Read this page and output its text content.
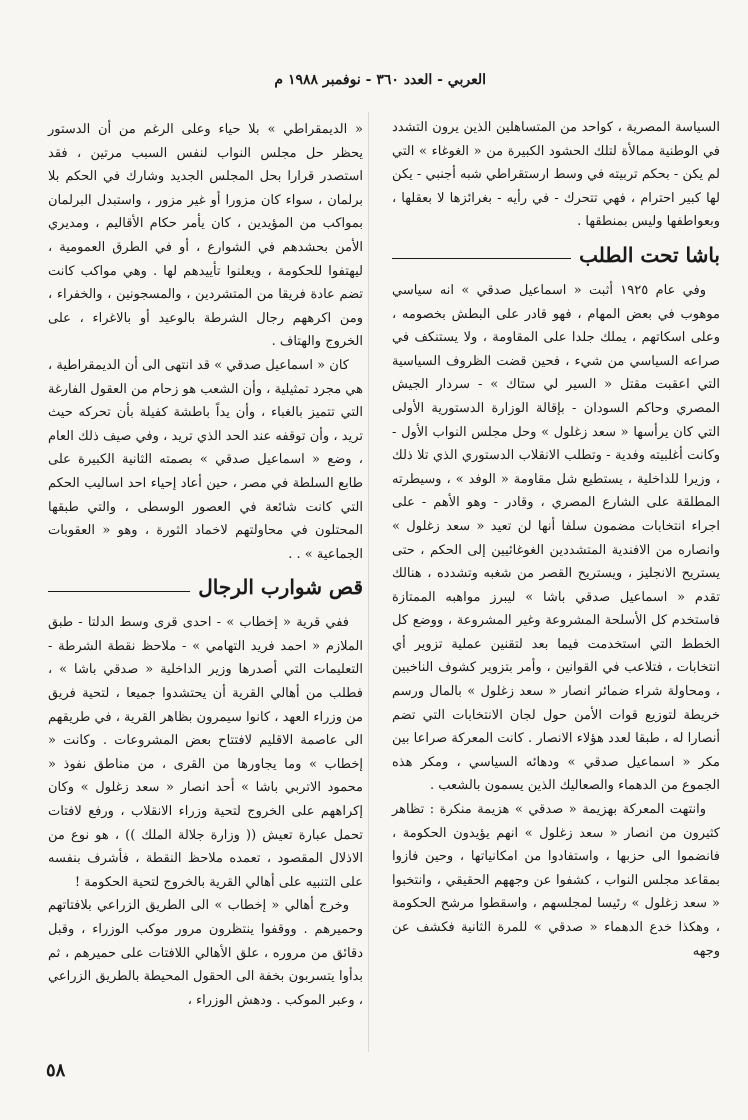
العربي - العدد ٣٦٠ - نوفمبر ١٩٨٨ م

السياسة المصرية ، كواحد من المتساهلين الذين يرون التشدد في الوطنية ممالأة لتلك الحشود الكبيرة من « الغوغاء » التي لم يكن - بحكم تربيته في وسط ارستقراطي شبه أجنبي - يكن لها كبير احترام ، فهي تتحرك - في رأيه - بغرائزها لا بعقلها ، وبعواطفها وليس بمنطقها .

باشا تحت الطلب

وفي عام ١٩٢٥ أثبت « اسماعيل صدقي » انه سياسي موهوب في بعض المهام ، فهو قادر على البطش بخصومه ، وعلى اسكاتهم ، يملك جلدا على المقاومة ، ولا يستنكف في صراعه السياسي من شيء ، فحين قضت الظروف السياسية التي اعقبت مقتل « السير لي ستاك » - سردار الجيش المصري وحاكم السودان - بإقالة الوزارة الدستورية الأولى التي كان يرأسها « سعد زغلول » وحل مجلس النواب الأول - وكانت أغلبيته وفدية - وتطلب الانقلاب الدستوري الذي تلا ذلك ، وزيرا للداخلية ، يستطيع شل مقاومة « الوفد » ، وسيطرته المطلقة على الشارع المصري ، وقادر - وهو الأهم - على اجراء انتخابات مضمون سلفا أنها لن تعيد « سعد زغلول » وانصاره من الافندية المتشددين الغوغائيين إلى الحكم ، حتى يستريح الانجليز ، ويستريح القصر من شغبه وتشدده ، هنالك تقدم « اسماعيل صدقي باشا » ليبرز مواهبه الممتازة فاستخدم كل الأسلحة المشروعة وغير المشروعة ، ووضع كل الخطط التي استخدمت فيما بعد لتقنين عملية تزوير أي انتخابات ، فتلاعب في القوانين ، وأمر بتزوير كشوف الناخبين ، ومحاولة شراء ضمائر انصار « سعد زغلول » بالمال ورسم خريطة لتوزيع قوات الأمن حول لجان الانتخابات التي تضم أنصارا له ، طبقا لعدد هؤلاء الانصار . كانت المعركة صراعا بين مكر « اسماعيل صدقي » ودهائه السياسي ، ومكر هذه الجموع من الدهماء والصعاليك الذين يسمون بالشعب .

وانتهت المعركة بهزيمة « صدقي » هزيمة منكرة : تظاهر كثيرون من انصار « سعد زغلول » انهم يؤيدون الحكومة ، فانضموا الى حزبها ، واستفادوا من امكانياتها ، وحين فازوا بمقاعد مجلس النواب ، كشفوا عن وجههم الحقيقي ، وانتخبوا « سعد زغلول » رئيسا لمجلسهم ، واسقطوا مرشح الحكومة ، وهكذا خدع الدهماء « صدقي » للمرة الثانية فكشف عن وجهه

« الديمقراطي » بلا حياء وعلى الرغم من أن الدستور يحظر حل مجلس النواب لنفس السبب مرتين ، فقد استصدر قرارا بحل المجلس الجديد وشارك في الحكم بلا برلمان ، سواء كان مزورا أو غير مزور ، واستبدل البرلمان بمواكب من المؤيدين ، كان يأمر حكام الأقاليم ، ومديري الأمن بحشدهم في الشوارع ، أو في الطرق العمومية ، ليهتفوا للحكومة ، ويعلنوا تأييدهم لها . وهي مواكب كانت تضم عادة فريقا من المتشردين ، والمسجونين ، والخفراء ، ومن اكرههم رجال الشرطة بالوعيد أو بالاغراء ، على الخروج والهتاف .

كان « اسماعيل صدقي » قد انتهى الى أن الديمقراطية ، هي مجرد تمثيلية ، وأن الشعب هو زحام من العقول الفارغة التي تتميز بالغباء ، وأن يداً باطشة كفيلة بأن تحركه حيث تريد ، وأن توقفه عند الحد الذي تريد ، وفي صيف ذلك العام ، وضع « اسماعيل صدقي » بصمته الثانية الكبيرة على طابع السلطة في مصر ، حين أعاد إحياء احد اساليب الحكم التي كانت شائعة في العصور الوسطى ، والتي طبقها المحتلون في محاولتهم لاخماد الثورة ، وهو « العقوبات الجماعية » . .

قص شوارب الرجال

ففي قرية « إخطاب » - احدى قرى وسط الدلتا - طبق الملازم « احمد فريد التهامي » - ملاحظ نقطة الشرطة - التعليمات التي أصدرها وزير الداخلية « صدقي باشا » ، فطلب من أهالي القرية أن يحتشدوا جميعا ، لتحية فريق من وزراء العهد ، كانوا سيمرون بظاهر القرية ، في طريقهم الى عاصمة الاقليم لافتتاح بعض المشروعات . وكانت « إخطاب » وما يجاورها من القرى ، من مناطق نفوذ « محمود الاتربي باشا » أحد انصار « سعد زغلول » وكان إكراههم على الخروج لتحية وزراء الانقلاب ، ورفع لافتات تحمل عبارة تعيش (( وزارة جلالة الملك )) ، هو نوع من الاذلال المقصود ، تعمده ملاحظ النقطة ، فأشرف بنفسه على التنبيه على أهالي القرية بالخروج لتحية الحكومة !

وخرج أهالي « إخطاب » الى الطريق الزراعي بلافتاتهم وحميرهم . ووقفوا ينتظرون مرور موكب الوزراء ، وقبل دقائق من مروره ، علق الأهالي اللافتات على حميرهم ، ثم بدأوا يتسربون بخفة الى الحقول المحيطة بالطريق الزراعي ، وعبر الموكب . ودهش الوزراء ،

٥٨
